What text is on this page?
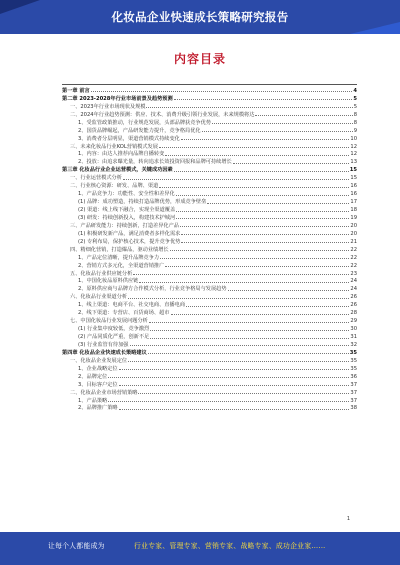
化妆品企业快速成长策略研究报告
内容目录
第一章 前言	4
第二章 2023-2028年行业市场前景及趋势预测	5
一、2023年行业市场现状及规模	5
二、2024年行业趋势预测：供应、技术、消费升级引领行业发展，未来规模将达	8
1、受监管政策推动，行业规范发展，头部品牌获竞争优势	8
2、国货品牌崛起，产品研发能力提升，竞争格局优化	9
3、消费者分层明显，渠道营销模式持续变化	10
三、未来化妆品行业KOL营销模式发展	12
1、内容：由达人推荐向品牌自播转变	12
2、投放：由追求曝光量，转向追求长效投资回报和品牌可持续增长	13
第三章 化妆品行业企业运营模式，关键成功因素	15
一、行业运营模式分析	15
二、行业核心资源：研发、品牌、渠道	16
1、产品竞争力：功能性、安全性和差异化	16
(1) 品牌：成功塑造，持续打造品牌优势，形成竞争壁垒	17
(2) 渠道：线上线下融合，实现全渠道覆盖	18
(3) 研发：持续创新投入，构建技术护城河	19
三、产品研发能力：持续创新，打造差异化产品	20
(1) 积极研发新产品，满足消费者多样化需求	20
(2) 专利布局，保护核心技术，提升竞争优势	21
四、精细化营销，打造爆品，驱动业绩增长	22
1、产品定位清晰，提升品牌竞争力	22
2、营销方式多元化，全渠道营销推广	22
五、化妆品行业供应链分析	23
1、中国化妆品原料供应链	24
2、原料供应商与品牌方合作模式分析，行业竞争格局与发展趋势	24
六、化妆品行业渠道分析	26
1、线上渠道：电商平台、社交电商、直播电商	26
2、线下渠道：专营店、百货商场、超市	28
七、中国化妆品行业发展问题分析	29
(1) 行业集中度较低，竞争激烈	30
(2) 产品同质化严重，创新不足	31
(3) 行业监管有待加强	32
第四章 化妆品企业快速成长策略建议	35
一、化妆品企业发展定位	35
1、企业战略定位	35
2、品牌定位	36
3、目标客户定位	37
二、化妆品企业市场营销策略	37
1、产品策略	37
2、品牌推广策略	38
1
让每个人都能成为	行业专家、管理专家、营销专家、战略专家、成功企业家……
